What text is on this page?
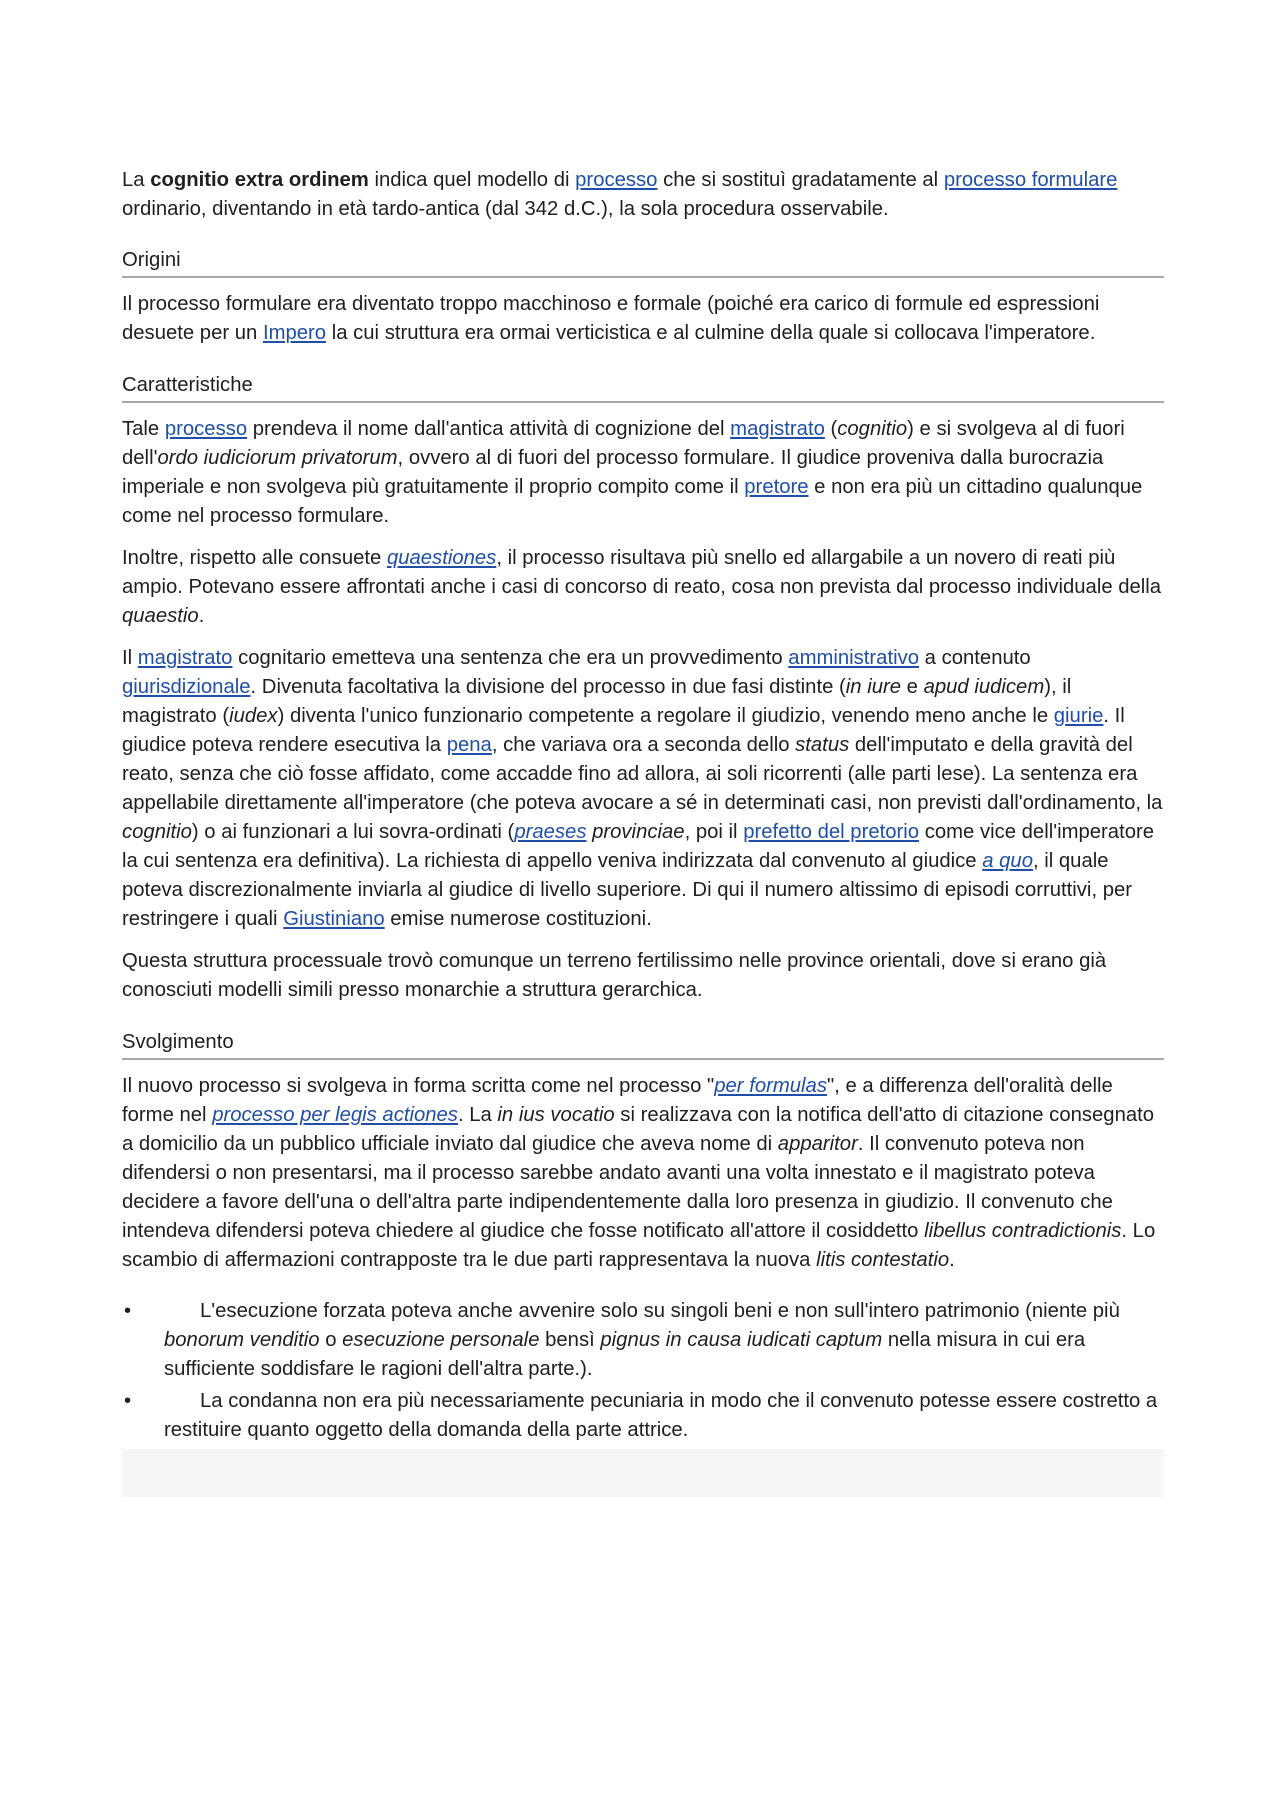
La cognitio extra ordinem indica quel modello di processo che si sostituì gradatamente al processo formulare ordinario, diventando in età tardo-antica (dal 342 d.C.), la sola procedura osservabile.

Origini

Il processo formulare era diventato troppo macchinoso e formale (poiché era carico di formule ed espressioni desuete per un Impero la cui struttura era ormai verticistica e al culmine della quale si collocava l'imperatore.

Caratteristiche

Tale processo prendeva il nome dall'antica attività di cognizione del magistrato (cognitio) e si svolgeva al di fuori dell'ordo iudiciorum privatorum, ovvero al di fuori del processo formulare. Il giudice proveniva dalla burocrazia imperiale e non svolgeva più gratuitamente il proprio compito come il pretore e non era più un cittadino qualunque come nel processo formulare.

Inoltre, rispetto alle consuete quaestiones, il processo risultava più snello ed allargabile a un novero di reati più ampio. Potevano essere affrontati anche i casi di concorso di reato, cosa non prevista dal processo individuale della quaestio.

Il magistrato cognitario emetteva una sentenza che era un provvedimento amministrativo a contenuto giurisdizionale. Divenuta facoltativa la divisione del processo in due fasi distinte (in iure e apud iudicem), il magistrato (iudex) diventa l'unico funzionario competente a regolare il giudizio, venendo meno anche le giurie. Il giudice poteva rendere esecutiva la pena, che variava ora a seconda dello status dell'imputato e della gravità del reato, senza che ciò fosse affidato, come accadde fino ad allora, ai soli ricorrenti (alle parti lese). La sentenza era appellabile direttamente all'imperatore (che poteva avocare a sé in determinati casi, non previsti dall'ordinamento, la cognitio) o ai funzionari a lui sovra-ordinati (praeses provinciae, poi il prefetto del pretorio come vice dell'imperatore la cui sentenza era definitiva). La richiesta di appello veniva indirizzata dal convenuto al giudice a quo, il quale poteva discrezionalmente inviarla al giudice di livello superiore. Di qui il numero altissimo di episodi corruttivi, per restringere i quali Giustiniano emise numerose costituzioni.

Questa struttura processuale trovò comunque un terreno fertilissimo nelle province orientali, dove si erano già conosciuti modelli simili presso monarchie a struttura gerarchica.

Svolgimento

Il nuovo processo si svolgeva in forma scritta come nel processo "per formulas", e a differenza dell'oralità delle forme nel processo per legis actiones. La in ius vocatio si realizzava con la notifica dell'atto di citazione consegnato a domicilio da un pubblico ufficiale inviato dal giudice che aveva nome di apparitor. Il convenuto poteva non difendersi o non presentarsi, ma il processo sarebbe andato avanti una volta innestato e il magistrato poteva decidere a favore dell'una o dell'altra parte indipendentemente dalla loro presenza in giudizio. Il convenuto che intendeva difendersi poteva chiedere al giudice che fosse notificato all'attore il cosiddetto libellus contradictionis. Lo scambio di affermazioni contrapposte tra le due parti rappresentava la nuova litis contestatio.

•	L'esecuzione forzata poteva anche avvenire solo su singoli beni e non sull'intero patrimonio (niente più bonorum venditio o esecuzione personale bensì pignus in causa iudicati captum nella misura in cui era sufficiente soddisfare le ragioni dell'altra parte.).
•	La condanna non era più necessariamente pecuniaria in modo che il convenuto potesse essere costretto a restituire quanto oggetto della domanda della parte attrice.
